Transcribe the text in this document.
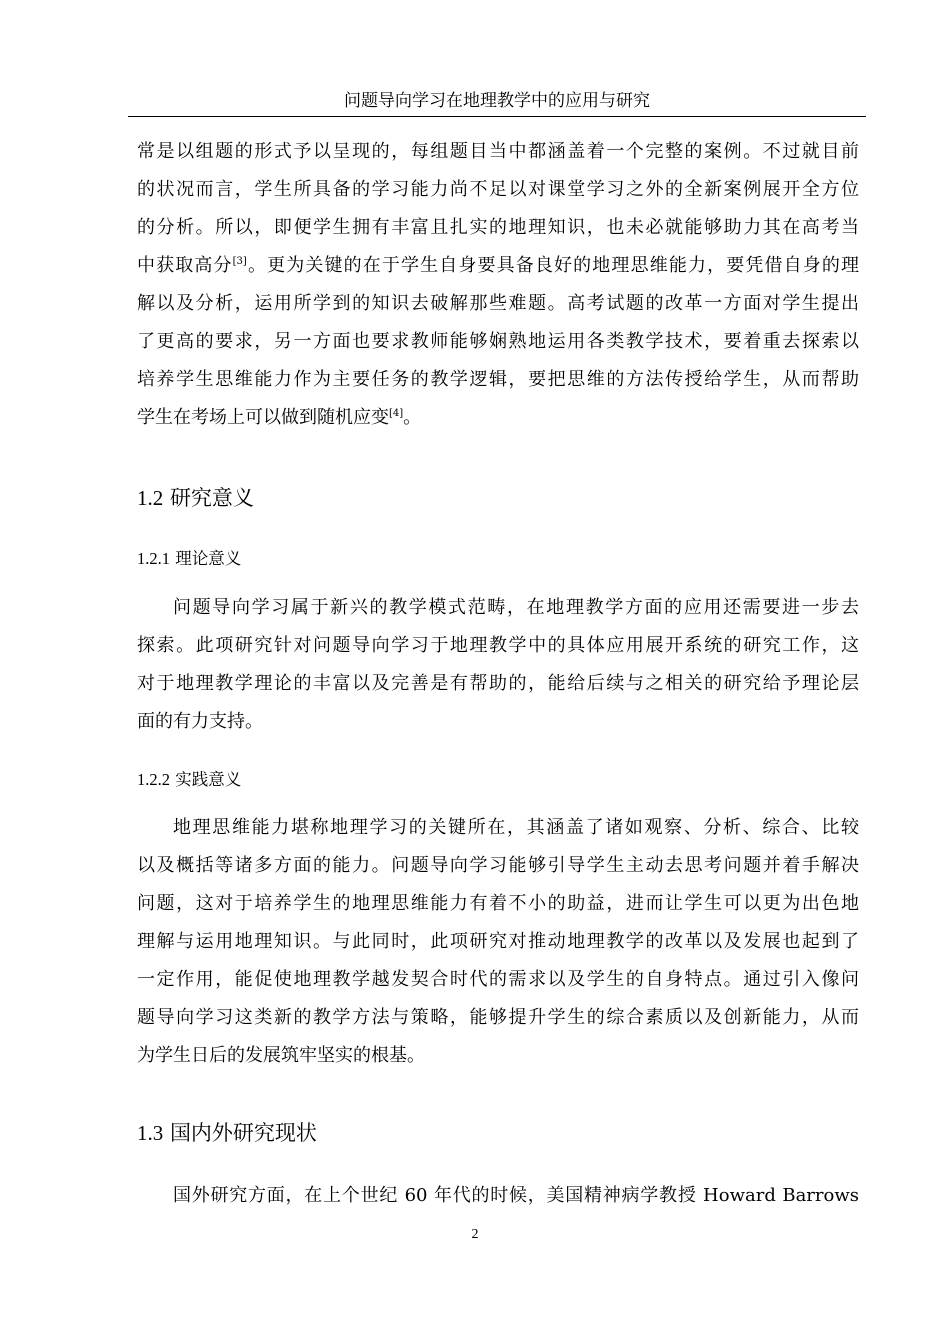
问题导向学习在地理教学中的应用与研究

常是以组题的形式予以呈现的，每组题目当中都涵盖着一个完整的案例。不过就目前
的状况而言，学生所具备的学习能力尚不足以对课堂学习之外的全新案例展开全方位
的分析。所以，即便学生拥有丰富且扎实的地理知识，也未必就能够助力其在高考当
中获取高分[3]。更为关键的在于学生自身要具备良好的地理思维能力，要凭借自身的理
解以及分析，运用所学到的知识去破解那些难题。高考试题的改革一方面对学生提出
了更高的要求，另一方面也要求教师能够娴熟地运用各类教学技术，要着重去探索以
培养学生思维能力作为主要任务的教学逻辑，要把思维的方法传授给学生，从而帮助
学生在考场上可以做到随机应变[4]。

1.2 研究意义
1.2.1 理论意义

问题导向学习属于新兴的教学模式范畴，在地理教学方面的应用还需要进一步去
探索。此项研究针对问题导向学习于地理教学中的具体应用展开系统的研究工作，这
对于地理教学理论的丰富以及完善是有帮助的，能给后续与之相关的研究给予理论层
面的有力支持。

1.2.2 实践意义

地理思维能力堪称地理学习的关键所在，其涵盖了诸如观察、分析、综合、比较
以及概括等诸多方面的能力。问题导向学习能够引导学生主动去思考问题并着手解决
问题，这对于培养学生的地理思维能力有着不小的助益，进而让学生可以更为出色地
理解与运用地理知识。与此同时，此项研究对推动地理教学的改革以及发展也起到了
一定作用，能促使地理教学越发契合时代的需求以及学生的自身特点。通过引入像问
题导向学习这类新的教学方法与策略，能够提升学生的综合素质以及创新能力，从而
为学生日后的发展筑牢坚实的根基。

1.3 国内外研究现状

国外研究方面，在上个世纪 60 年代的时候，美国精神病学教授 Howard Barrows

2
